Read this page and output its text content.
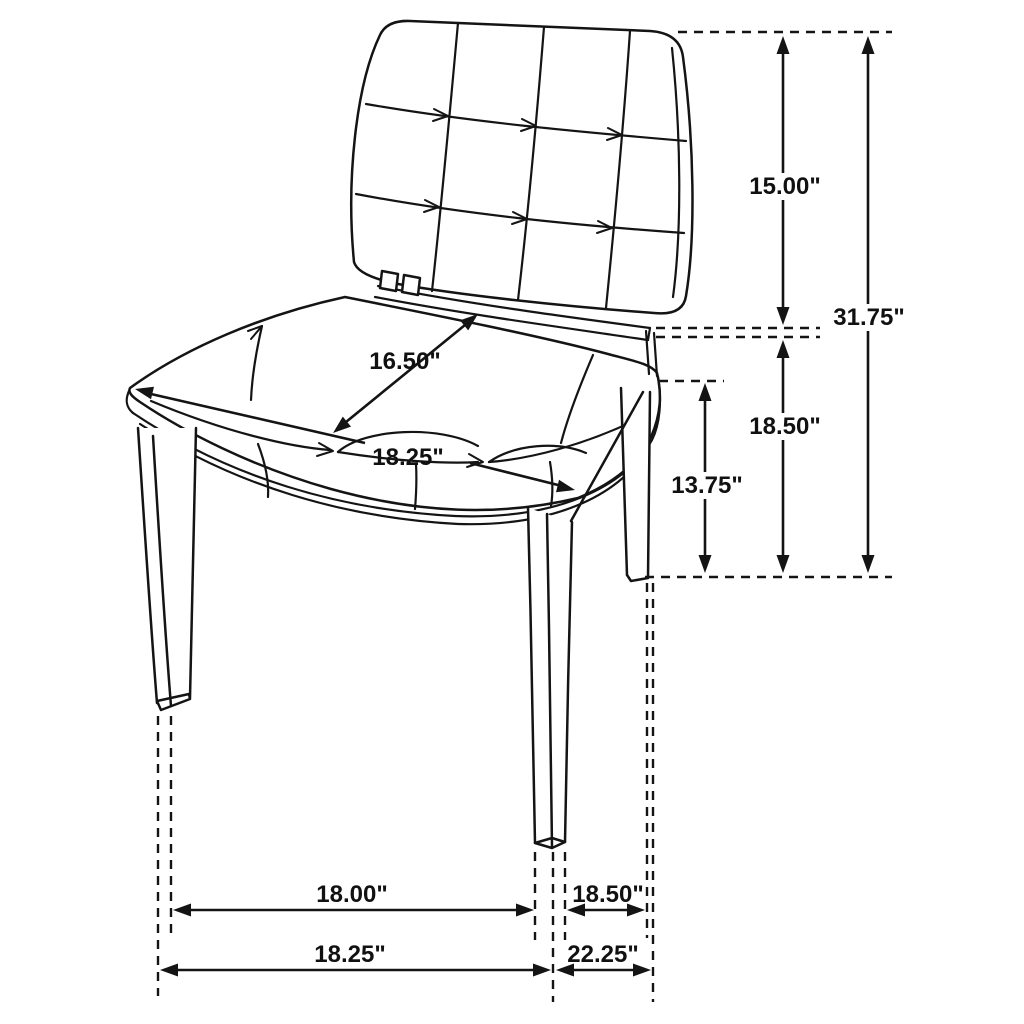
15.00"
31.75"
18.50"
13.75"
16.50"
18.25"
18.00"	18.50"
18.25"	22.25"
